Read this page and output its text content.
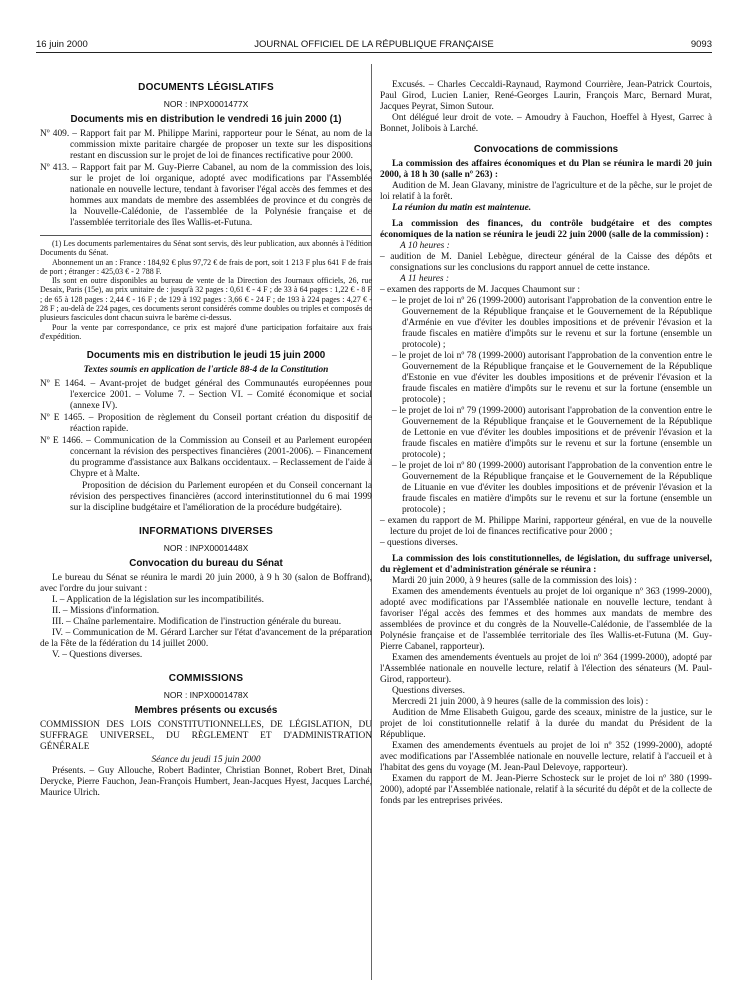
16 juin 2000	JOURNAL OFFICIEL DE LA RÉPUBLIQUE FRANÇAISE	9093
DOCUMENTS LÉGISLATIFS
NOR : INPX0001477X
Documents mis en distribution le vendredi 16 juin 2000 (1)

Nº 409. – Rapport fait par M. Philippe Marini, rapporteur pour le Sénat, au nom de la commission mixte paritaire chargée de proposer un texte sur les dispositions restant en discussion sur le projet de loi de finances rectificative pour 2000.

Nº 413. – Rapport fait par M. Guy-Pierre Cabanel, au nom de la commission des lois, sur le projet de loi organique, adopté avec modifications par l'Assemblée nationale en nouvelle lecture, tendant à favoriser l'égal accès des femmes et des hommes aux mandats de membre des assemblées de province et du congrès de la Nouvelle-Calédonie, de l'assemblée de la Polynésie française et de l'assemblée territoriale des îles Wallis-et-Futuna.

(1) Les documents parlementaires du Sénat sont servis, dès leur publication, aux abonnés à l'édition Documents du Sénat.

Abonnement un an : France : 184,92 € plus 97,72 € de frais de port, soit 1 213 F plus 641 F de frais de port ; étranger : 425,03 € - 2 788 F.

Ils sont en outre disponibles au bureau de vente de la Direction des Journaux officiels, 26, rue Desaix, Paris (15e), au prix unitaire de : jusqu'à 32 pages : 0,61 € - 4 F ; de 33 à 64 pages : 1,22 € - 8 F ; de 65 à 128 pages : 2,44 € - 16 F ; de 129 à 192 pages : 3,66 € - 24 F ; de 193 à 224 pages : 4,27 € - 28 F ; au-delà de 224 pages, ces documents seront considérés comme doubles ou triples et composés de plusieurs fascicules dont chacun suivra le barème ci-dessus.

Pour la vente par correspondance, ce prix est majoré d'une participation forfaitaire aux frais d'expédition.

Documents mis en distribution le jeudi 15 juin 2000
Textes soumis en application de l'article 88-4 de la Constitution

Nº E 1464. – Avant-projet de budget général des Communautés européennes pour l'exercice 2001. – Volume 7. – Section VI. – Comité économique et social (annexe IV).

Nº E 1465. – Proposition de règlement du Conseil portant création du dispositif de réaction rapide.

Nº E 1466. – Communication de la Commission au Conseil et au Parlement européen concernant la révision des perspectives financières (2001-2006). – Financement du programme d'assistance aux Balkans occidentaux. – Reclassement de l'aide à Chypre et à Malte.

Proposition de décision du Parlement européen et du Conseil concernant la révision des perspectives financières (accord interinstitutionnel du 6 mai 1999 sur la discipline budgétaire et l'amélioration de la procédure budgétaire).

INFORMATIONS DIVERSES
NOR : INPX0001448X
Convocation du bureau du Sénat

Le bureau du Sénat se réunira le mardi 20 juin 2000, à 9 h 30 (salon de Boffrand), avec l'ordre du jour suivant :

I. – Application de la législation sur les incompatibilités.

II. – Missions d'information.

III. – Chaîne parlementaire. Modification de l'instruction générale du bureau.

IV. – Communication de M. Gérard Larcher sur l'état d'avancement de la préparation de la Fête de la fédération du 14 juillet 2000.

V. – Questions diverses.

COMMISSIONS
NOR : INPX0001478X
Membres présents ou excusés

COMMISSION DES LOIS CONSTITUTIONNELLES, DE LÉGISLATION, DU SUFFRAGE UNIVERSEL, DU RÈGLEMENT ET D'ADMINISTRATION GÉNÉRALE

Séance du jeudi 15 juin 2000

Présents. – Guy Allouche, Robert Badinter, Christian Bonnet, Robert Bret, Dinah Derycke, Pierre Fauchon, Jean-François Humbert, Jean-Jacques Hyest, Jacques Larché, Maurice Ulrich.

Excusés. – Charles Ceccaldi-Raynaud, Raymond Courrière, Jean-Patrick Courtois, Paul Girod, Lucien Lanier, René-Georges Laurin, François Marc, Bernard Murat, Jacques Peyrat, Simon Sutour.

Ont délégué leur droit de vote. – Amoudry à Fauchon, Hoeffel à Hyest, Garrec à Bonnet, Jolibois à Larché.

Convocations de commissions

La commission des affaires économiques et du Plan se réunira le mardi 20 juin 2000, à 18 h 30 (salle nº 263) :

Audition de M. Jean Glavany, ministre de l'agriculture et de la pêche, sur le projet de loi relatif à la forêt.

La réunion du matin est maintenue.

La commission des finances, du contrôle budgétaire et des comptes économiques de la nation se réunira le jeudi 22 juin 2000 (salle de la commission) :

A 10 heures :

– audition de M. Daniel Lebègue, directeur général de la Caisse des dépôts et consignations sur les conclusions du rapport annuel de cette instance.

A 11 heures :

– examen des rapports de M. Jacques Chaumont sur :

– le projet de loi nº 26 (1999-2000) autorisant l'approbation de la convention entre le Gouvernement de la République française et le Gouvernement de la République d'Arménie en vue d'éviter les doubles impositions et de prévenir l'évasion et la fraude fiscales en matière d'impôts sur le revenu et sur la fortune (ensemble un protocole) ;

– le projet de loi nº 78 (1999-2000) autorisant l'approbation de la convention entre le Gouvernement de la République française et le Gouvernement de la République d'Estonie en vue d'éviter les doubles impositions et de prévenir l'évasion et la fraude fiscales en matière d'impôts sur le revenu et sur la fortune (ensemble un protocole) ;

– le projet de loi nº 79 (1999-2000) autorisant l'approbation de la convention entre le Gouvernement de la République française et le Gouvernement de la République de Lettonie en vue d'éviter les doubles impositions et de prévenir l'évasion et la fraude fiscales en matière d'impôts sur le revenu et sur la fortune (ensemble un protocole) ;

– le projet de loi nº 80 (1999-2000) autorisant l'approbation de la convention entre le Gouvernement de la République française et le Gouvernement de la République de Lituanie en vue d'éviter les doubles impositions et de prévenir l'évasion et la fraude fiscales en matière d'impôts sur le revenu et sur la fortune (ensemble un protocole) ;

– examen du rapport de M. Philippe Marini, rapporteur général, en vue de la nouvelle lecture du projet de loi de finances rectificative pour 2000 ;

– questions diverses.

La commission des lois constitutionnelles, de législation, du suffrage universel, du règlement et d'administration générale se réunira :

Mardi 20 juin 2000, à 9 heures (salle de la commission des lois) :

Examen des amendements éventuels au projet de loi organique nº 363 (1999-2000), adopté avec modifications par l'Assemblée nationale en nouvelle lecture, tendant à favoriser l'égal accès des femmes et des hommes aux mandats de membre des assemblées de province et du congrès de la Nouvelle-Calédonie, de l'assemblée de la Polynésie française et de l'assemblée territoriale des îles Wallis-et-Futuna (M. Guy-Pierre Cabanel, rapporteur).

Examen des amendements éventuels au projet de loi nº 364 (1999-2000), adopté par l'Assemblée nationale en nouvelle lecture, relatif à l'élection des sénateurs (M. Paul-Girod, rapporteur).

Questions diverses.

Mercredi 21 juin 2000, à 9 heures (salle de la commission des lois) :

Audition de Mme Elisabeth Guigou, garde des sceaux, ministre de la justice, sur le projet de loi constitutionnelle relatif à la durée du mandat du Président de la République.

Examen des amendements éventuels au projet de loi nº 352 (1999-2000), adopté avec modifications par l'Assemblée nationale en nouvelle lecture, relatif à l'accueil et à l'habitat des gens du voyage (M. Jean-Paul Delevoye, rapporteur).

Examen du rapport de M. Jean-Pierre Schosteck sur le projet de loi nº 380 (1999-2000), adopté par l'Assemblée nationale, relatif à la sécurité du dépôt et de la collecte de fonds par les entreprises privées.
